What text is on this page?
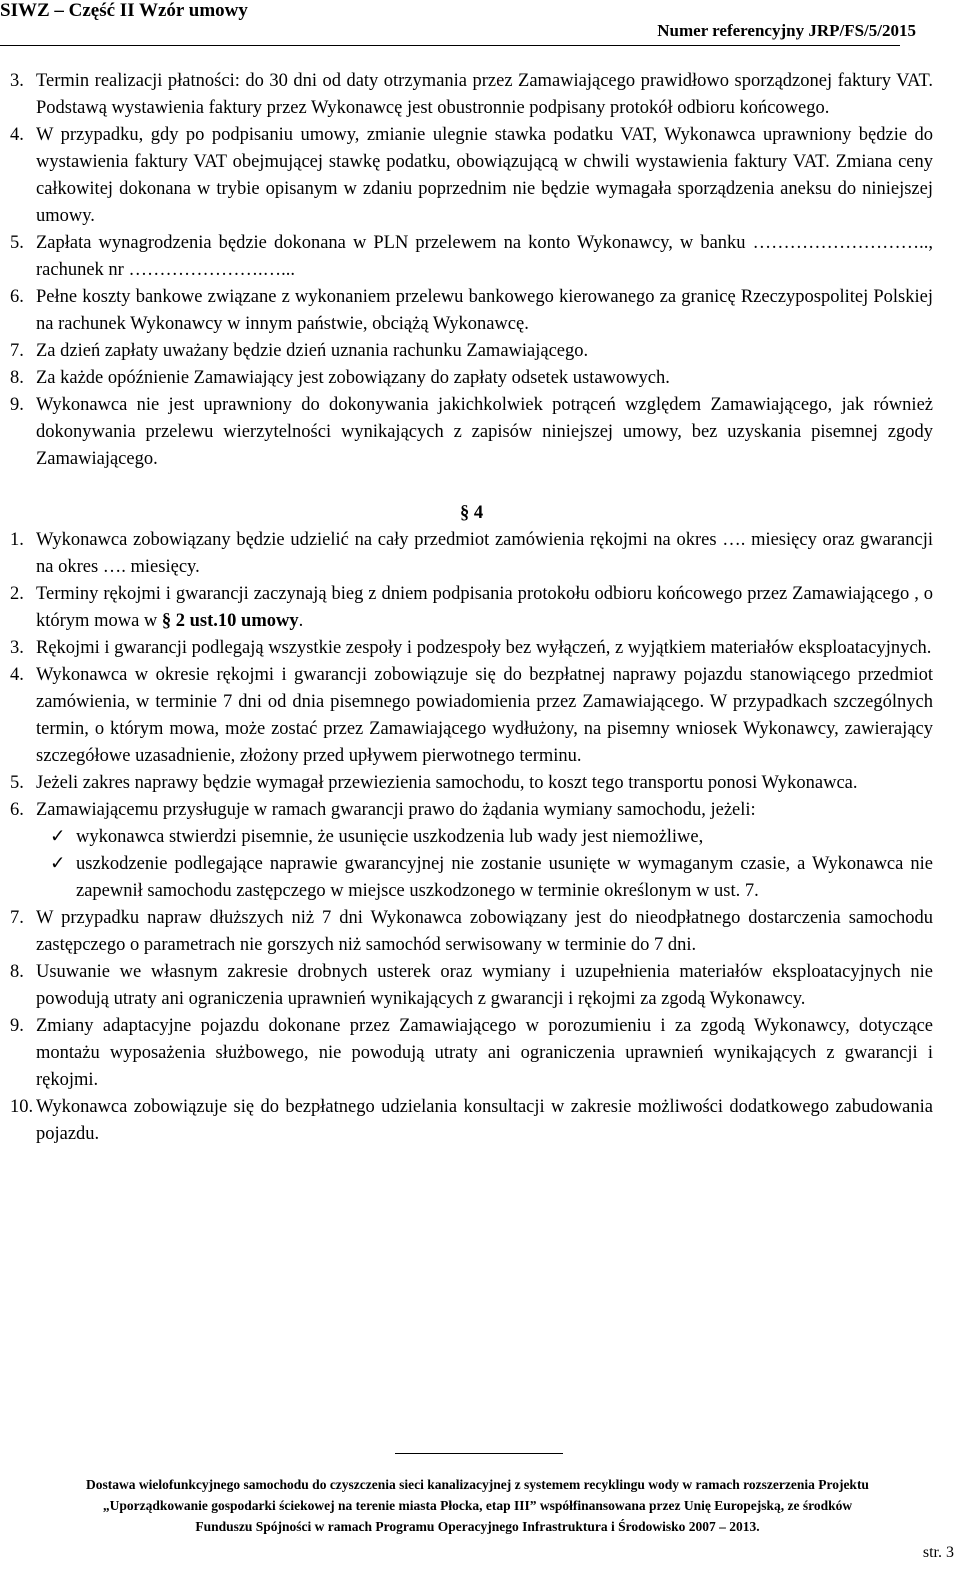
SIWZ – Część II Wzór umowy
Numer referencyjny JRP/FS/5/2015
3. Termin realizacji płatności: do 30 dni od daty otrzymania przez Zamawiającego prawidłowo sporządzonej faktury VAT. Podstawą wystawienia faktury przez Wykonawcę jest obustronnie podpisany protokół odbioru końcowego.
4. W przypadku, gdy po podpisaniu umowy, zmianie ulegnie stawka podatku VAT, Wykonawca uprawniony będzie do wystawienia faktury VAT obejmującej stawkę podatku, obowiązującą w chwili wystawienia faktury VAT. Zmiana ceny całkowitej dokonana w trybie opisanym w zdaniu poprzednim nie będzie wymagała sporządzenia aneksu do niniejszej umowy.
5. Zapłata wynagrodzenia będzie dokonana w PLN przelewem na konto Wykonawcy, w banku ……………………….., rachunek nr ………………….…...
6. Pełne koszty bankowe związane z wykonaniem przelewu bankowego kierowanego za granicę Rzeczypospolitej Polskiej na rachunek Wykonawcy w innym państwie, obciążą Wykonawcę.
7. Za dzień zapłaty uważany będzie dzień uznania rachunku Zamawiającego.
8. Za każde opóźnienie Zamawiający jest zobowiązany do zapłaty odsetek ustawowych.
9. Wykonawca nie jest uprawniony do dokonywania jakichkolwiek potrąceń względem Zamawiającego, jak również dokonywania przelewu wierzytelności wynikających z zapisów niniejszej umowy, bez uzyskania pisemnej zgody Zamawiającego.
§ 4
1. Wykonawca zobowiązany będzie udzielić na cały przedmiot zamówienia rękojmi na okres …. miesięcy oraz gwarancji na okres …. miesięcy.
2. Terminy rękojmi i gwarancji zaczynają bieg z dniem podpisania protokołu odbioru końcowego przez Zamawiającego , o którym mowa w § 2 ust.10 umowy.
3. Rękojmi i gwarancji podlegają wszystkie zespoły i podzespoły bez wyłączeń, z wyjątkiem materiałów eksploatacyjnych.
4. Wykonawca w okresie rękojmi i gwarancji zobowiązuje się do bezpłatnej naprawy pojazdu stanowiącego przedmiot zamówienia, w terminie 7 dni od dnia pisemnego powiadomienia przez Zamawiającego. W przypadkach szczególnych termin, o którym mowa, może zostać przez Zamawiającego wydłużony, na pisemny wniosek Wykonawcy, zawierający szczegółowe uzasadnienie, złożony przed upływem pierwotnego terminu.
5. Jeżeli zakres naprawy będzie wymagał przewiezienia samochodu, to koszt tego transportu ponosi Wykonawca.
6. Zamawiającemu przysługuje w ramach gwarancji prawo do żądania wymiany samochodu, jeżeli:
✓ wykonawca stwierdzi pisemnie, że usunięcie uszkodzenia lub wady jest niemożliwe,
✓ uszkodzenie podlegające naprawie gwarancyjnej nie zostanie usunięte w wymaganym czasie, a Wykonawca nie zapewnił samochodu zastępczego w miejsce uszkodzonego w terminie określonym w ust. 7.
7. W przypadku napraw dłuższych niż 7 dni Wykonawca zobowiązany jest do nieodpłatnego dostarczenia samochodu zastępczego o parametrach nie gorszych niż samochód serwisowany w terminie do 7 dni.
8. Usuwanie we własnym zakresie drobnych usterek oraz wymiany i uzupełnienia materiałów eksploatacyjnych nie powodują utraty ani ograniczenia uprawnień wynikających z gwarancji i rękojmi za zgodą Wykonawcy.
9. Zmiany adaptacyjne pojazdu dokonane przez Zamawiającego w porozumieniu i za zgodą Wykonawcy, dotyczące montażu wyposażenia służbowego, nie powodują utraty ani ograniczenia uprawnień wynikających z gwarancji i rękojmi.
10. Wykonawca zobowiązuje się do bezpłatnego udzielania konsultacji w zakresie możliwości dodatkowego zabudowania pojazdu.
Dostawa wielofunkcyjnego samochodu do czyszczenia sieci kanalizacyjnej z systemem recyklingu wody w ramach rozszerzenia Projektu
„Uporządkowanie gospodarki ściekowej na terenie miasta Płocka, etap III” współfinansowana przez Unię Europejską, ze środków
Funduszu Spójności w ramach Programu Operacyjnego Infrastruktura i Środowisko 2007 – 2013.
str. 3
